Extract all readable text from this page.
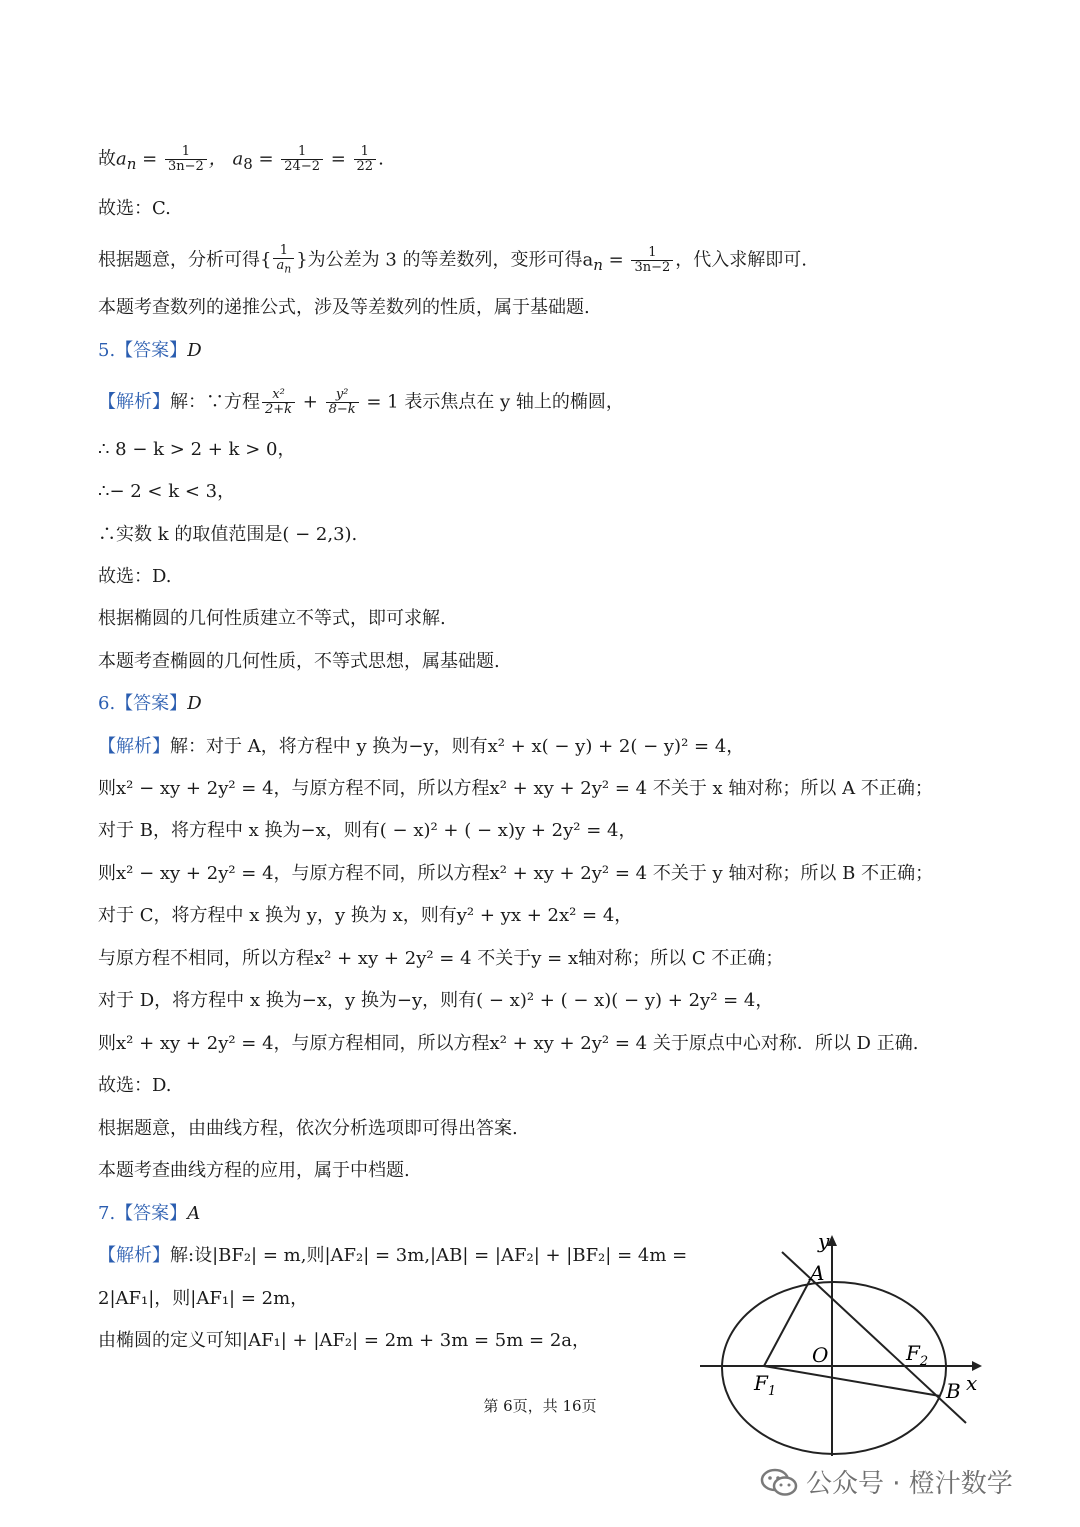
故$a_n = \frac{1}{3n-2}$ ， $a_8 = \frac{1}{24-2} = \frac{1}{22}$ .
故选：C.
根据题意，分析可得{ $\frac{1}{a_n}$ }为公差为 3 的等差数列，变形可得$a_n = \frac{1}{3n-2}$ ，代入求解即可.
本题考查数列的递推公式，涉及等差数列的性质，属于基础题.
5.【答案】D
【解析】解：∵方程 $\frac{\text{x²}}{2+k} + \frac{\text{y²}}{8-k} = 1$ 表示焦点在 y 轴上的椭圆，
∴ 8 − k > 2 + k > 0，
∴− 2 < k < 3，
∴实数 k 的取值范围是( − 2,3).
故选：D.
根据椭圆的几何性质建立不等式，即可求解.
本题考查椭圆的几何性质，不等式思想，属基础题.
6.【答案】D
【解析】解：对于 A，将方程中 y 换为−y，则有x² + x( − y) + 2( − y)² = 4，
则x² − xy + 2y² = 4，与原方程不同，所以方程x² + xy + 2y² = 4 不关于 x 轴对称；所以 A 不正确；
对于 B，将方程中 x 换为−x，则有( − x)² + ( − x)y + 2y² = 4，
则x² − xy + 2y² = 4，与原方程不同，所以方程x² + xy + 2y² = 4 不关于 y 轴对称；所以 B 不正确；
对于 C，将方程中 x 换为 y，y 换为 x，则有y² + yx + 2x² = 4，
与原方程不相同，所以方程x² + xy + 2y² = 4 不关于y = x轴对称；所以 C 不正确；
对于 D，将方程中 x 换为−x，y 换为−y，则有( − x)² + ( − x)( − y) + 2y² = 4，
则x² + xy + 2y² = 4，与原方程相同，所以方程x² + xy + 2y² = 4 关于原点中心对称．所以 D 正确.
故选：D.
根据题意，由曲线方程，依次分析选项即可得出答案.
本题考查曲线方程的应用，属于中档题.
7.【答案】A
【解析】解:设|BF₂| = m,则|AF₂| = 3m,|AB| = |AF₂| + |BF₂| = 4m =
2|AF₁|，则|AF₁| = 2m，
由椭圆的定义可知|AF₁| + |AF₂| = 2m + 3m = 5m = 2a，
y
x
A
B
O
$F_1$
$F_2$
第 6页，共 16页
公众号 · 橙汁数学
